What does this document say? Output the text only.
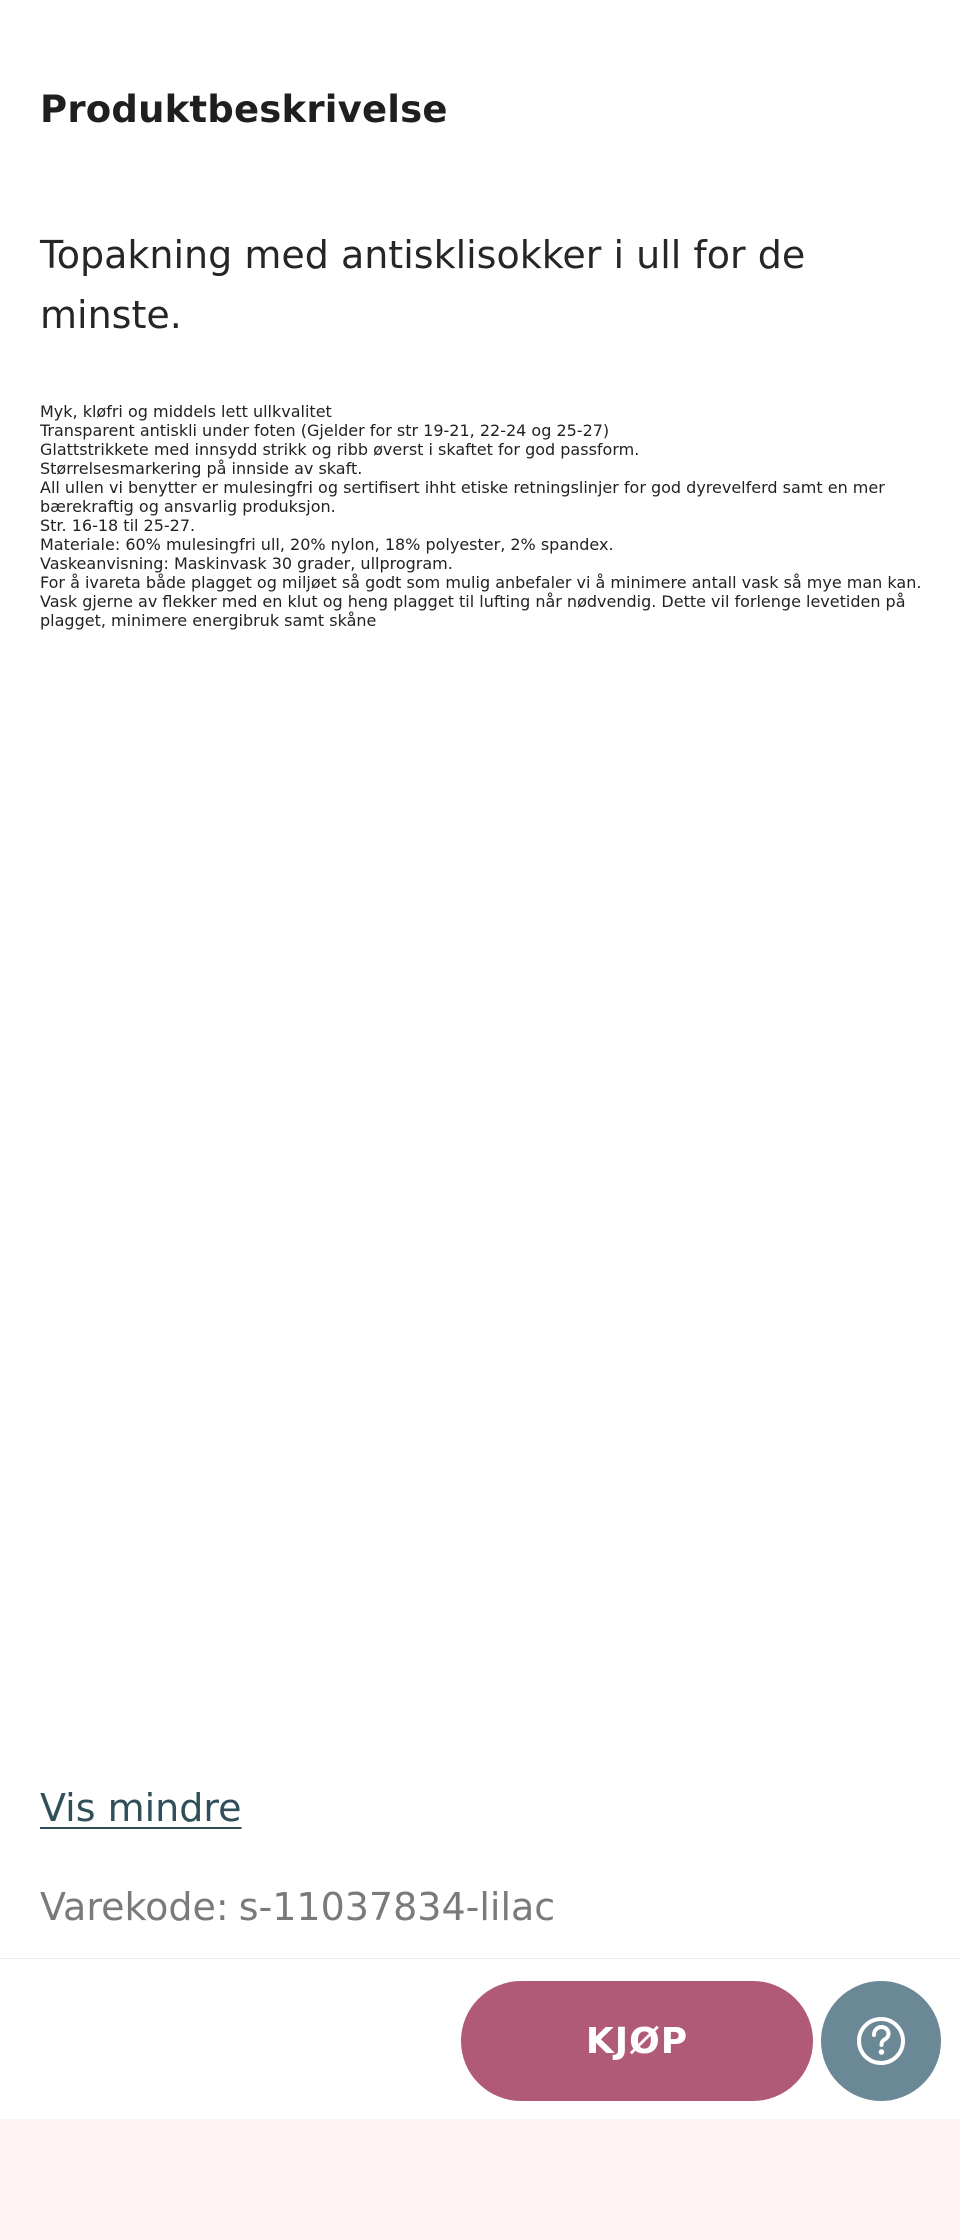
Produktbeskrivelse

Topakning med antisklisokker i ull for de minste.

Myk, kløfri og middels lett ullkvalitet
Transparent antiskli under foten (Gjelder for str 19-21, 22-24 og 25-27)
Glattstrikkete med innsydd strikk og ribb øverst i skaftet for god passform.
Størrelsesmarkering på innside av skaft.
All ullen vi benytter er mulesingfri og sertifisert ihht etiske retningslinjer for god dyrevelferd samt en mer bærekraftig og ansvarlig produksjon.
Str. 16-18 til 25-27.
Materiale: 60% mulesingfri ull, 20% nylon, 18% polyester, 2% spandex.
Vaskeanvisning: Maskinvask 30 grader, ullprogram.
For å ivareta både plagget og miljøet så godt som mulig anbefaler vi å minimere antall vask så mye man kan. Vask gjerne av flekker med en klut og heng plagget til lufting når nødvendig. Dette vil forlenge levetiden på plagget, minimere energibruk samt skåne
Vis mindre
Varekode: s-11037834-lilac
KJØP
